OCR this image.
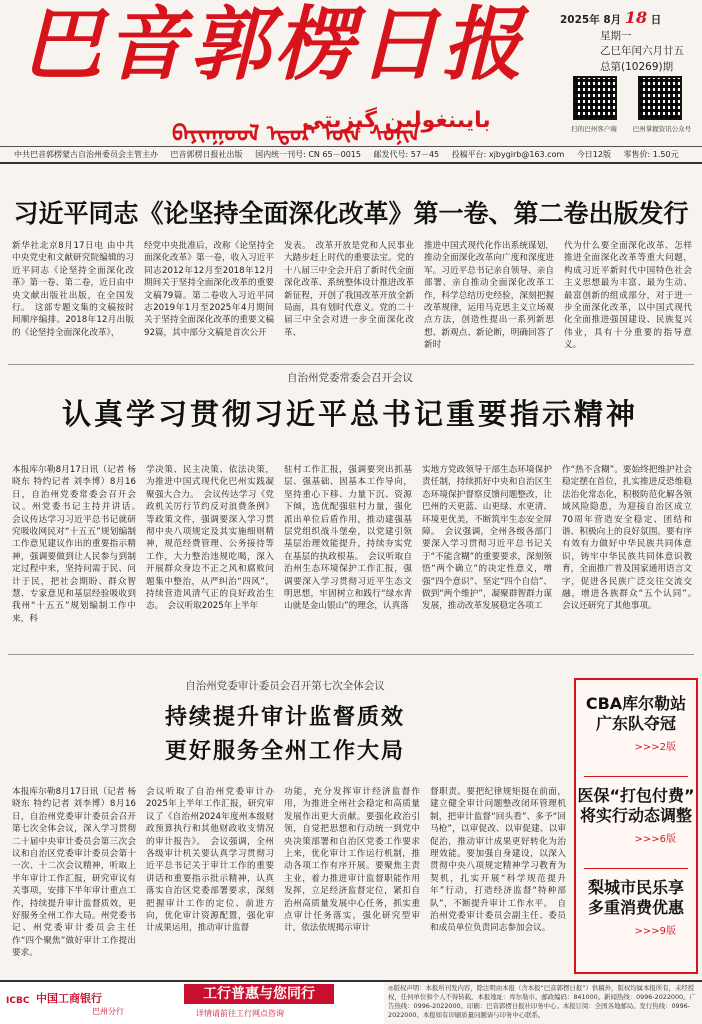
巴音郭楞日报
ᠪᠠᠶᠢᠨᠭᠣᠣᠯ ᠡᠳᠦᠷ ᠦᠨ ᠰᠣᠨᠢᠨ
بايىنغولىن گېزىتى
2025年 8月 18 日
星期一
乙巳年闰六月廿五
总第(10269)期
扫的巴州客户端	巴州掌握资讯公众号
中共巴音郭楞蒙古自治州委员会主管主办 巴音郭楞日报社出版 国内统一刊号: CN 65－0015 邮发代号: 57－45 投稿平台: xjbygirb@163.com 今日12版 零售价: 1.50元
习近平同志《论坚持全面深化改革》第一卷、第二卷出版发行
新华社北京8月17日电 由中共中央党史和文献研究院编辑的习近平同志《论坚持全面深化改革》第一卷、第二卷，近日由中央文献出版社出版，在全国发行。　这部专题文集的文稿按时间顺序编排。2018年12月出版的《论坚持全面深化改革》，
经党中央批准后，改称《论坚持全面深化改革》第一卷，收入习近平同志2012年12月至2018年12月期间关于坚持全面深化改革的重要文稿79篇。第二卷收入习近平同志2019年1月至2025年4月期间关于坚持全面深化改革的重要文稿92篇，其中部分文稿是首次公开
发表。　改革开放是党和人民事业大踏步赶上时代的重要法宝。党的十八届三中全会开启了新时代全面深化改革、系统整体设计推进改革新征程，开创了我国改革开放全新局面，具有划时代意义。党的二十届三中全会对进一步全面深化改革、
推进中国式现代化作出系统谋划，推动全面深化改革向广度和深度进军。习近平总书记亲自领导、亲自部署、亲自推动全面深化改革工作，科学总结历史经验，深刻把握改革规律，运用马克思主义立场观点方法，创造性提出一系列新思想、新观点、新论断，明确回答了新时
代为什么要全面深化改革、怎样推进全面深化改革等重大问题，构成习近平新时代中国特色社会主义思想最为丰富、最为生动、最富创新的组成部分，对于进一步全面深化改革，以中国式现代化全面推进强国建设、民族复兴伟业，具有十分重要的指导意义。
自治州党委常委会召开会议
认真学习贯彻习近平总书记重要指示精神
本报库尔勒8月17日讯（记者 杨晓东 特约记者 刘李博）8月16日，自治州党委常委会召开会议。州党委书记主持并讲话。　会议传达学习习近平总书记就研究吸收网民对“十五五”规划编制工作意见建议作出的重要指示精神，强调要做到让人民参与到制定过程中来，坚持问需于民、问计于民，把社会期盼、群众智慧、专家意见和基层经验吸收到我州“十五五”规划编制工作中来，科
学决策、民主决策、依法决策，为推进中国式现代化巴州实践凝聚强大合力。　会议传达学习《党政机关厉行节约反对浪费条例》等政策文件，强调要深入学习贯彻中央八项规定及其实施细则精神，规范经费管理、公务接待等工作，大力整治违规吃喝，深入开展群众身边不正之风和腐败问题集中整治，从严纠治“四风”，持续营造风清气正的良好政治生态。　会议听取2025年上半年
驻村工作汇报，强调要突出抓基层、强基础、固基本工作导向，坚持重心下移、力量下沉、资源下倾，选优配强驻村力量，强化派出单位后盾作用，推动建强基层党组织战斗堡垒，以党建引领基层治理效能提升，持续夯实党在基层的执政根基。　会议听取自治州生态环境保护工作汇报，强调要深入学习贯彻习近平生态文明思想，牢固树立和践行“绿水青山就是金山银山”的理念，认真落
实地方党政领导干部生态环境保护责任制，持续抓好中央和自治区生态环境保护督察反馈问题整改，让巴州的天更蓝、山更绿、水更清、环境更优美，不断筑牢生态安全屏障。　会议强调，全州各级各部门要深入学习贯彻习近平总书记关于“不能含糊”的重要要求，深刻领悟“两个确立”的决定性意义，增强“四个意识”、坚定“四个自信”、做到“两个维护”，凝聚群智群力谋发展，推动改革发展稳定各项工
作“热不含糊”。要始终把维护社会稳定摆在首位，扎实推进反恐维稳法治化常态化，积极防范化解各领域风险隐患，为迎接自治区成立70周年营造安全稳定、团结和谐、积极向上的良好氛围。要有序有效有力做好中华民族共同体意识，铸牢中华民族共同体意识教育，全面推广普及国家通用语言文字，促进各民族广泛交往交流交融，增进各族群众“五个认同”。　会议还研究了其他事项。
自治州党委审计委员会召开第七次全体会议
持续提升审计监督质效
更好服务全州工作大局
本报库尔勒8月17日讯（记者 杨晓东 特约记者 刘李博）8月16日，自治州党委审计委员会召开第七次全体会议，深入学习贯彻二十届中央审计委员会第三次会议和自治区党委审计委员会第十一次、十二次会议精神，听取上半年审计工作汇报，研究审议有关事项，安排下半年审计重点工作，持续提升审计监督质效，更好服务全州工作大局。州党委书记、州党委审计委员会主任作“四个聚焦”做好审计工作提出要求。
会议听取了自治州党委审计办2025年上半年工作汇报，研究审议了《自治州2024年度州本级财政预算执行和其他财政收支情况的审计报告》。　会议强调，全州各级审计机关要认真学习贯彻习近平总书记关于审计工作的重要讲话和重要指示批示精神，认真落实自治区党委部署要求，深刻把握审计工作的定位、前进方向，优化审计资源配置，强化审计成果运用，推动审计监督
功能，充分发挥审计经济监督作用，为推进全州社会稳定和高质量发展作出更大贡献。要强化政治引领，自觉把思想和行动统一到党中央决策部署和自治区党委工作要求上来，优化审计工作运行机制，推动各项工作有序开展。要聚焦主责主业，着力推进审计监督职能作用发挥，立足经济监督定位，紧扣自治州高质量发展中心任务，抓实重点审计任务落实，强化研究型审计，依法依规揭示审计
督职责。要把纪律规矩挺在前面，建立健全审计问题整改闭环管理机制，把审计监督“回头看”、多予“回马枪”，以审促改、以审促建、以审促治，推动审计成果更好转化为治理效能。要加强自身建设，以深入贯彻中央八项规定精神学习教育为契机，扎实开展“科学规范提升年”行动，打造经济监督“特种部队”，不断提升审计工作水平。　自治州党委审计委员会副主任、委员和成员单位负责同志参加会议。
CBA库尔勒站
广东队夺冠
>>>2版
医保“打包付费”
将实行动态调整
>>>6版
梨城市民乐享
多重消费优惠
>>>9版
ICBC 中国工商银行
巴州分行
工行普惠与您同行
详情请前往工行网点咨询
◎版权声明：本报所刊发内容，除注明由本报（含本报“巴音郭楞日报”）供稿外，版权均属本报所有，未经授权，任何单位和个人不得转载。本报地址：库尔勒市。邮政编码：841000。新闻热线：0996-2022000。广告热线：0996-2022000。印刷：巴音郭楞日报社印务中心。本报订阅：全国各地邮局。发行热线：0996-2022000。本报如有印刷质量问题请与印务中心联系。
